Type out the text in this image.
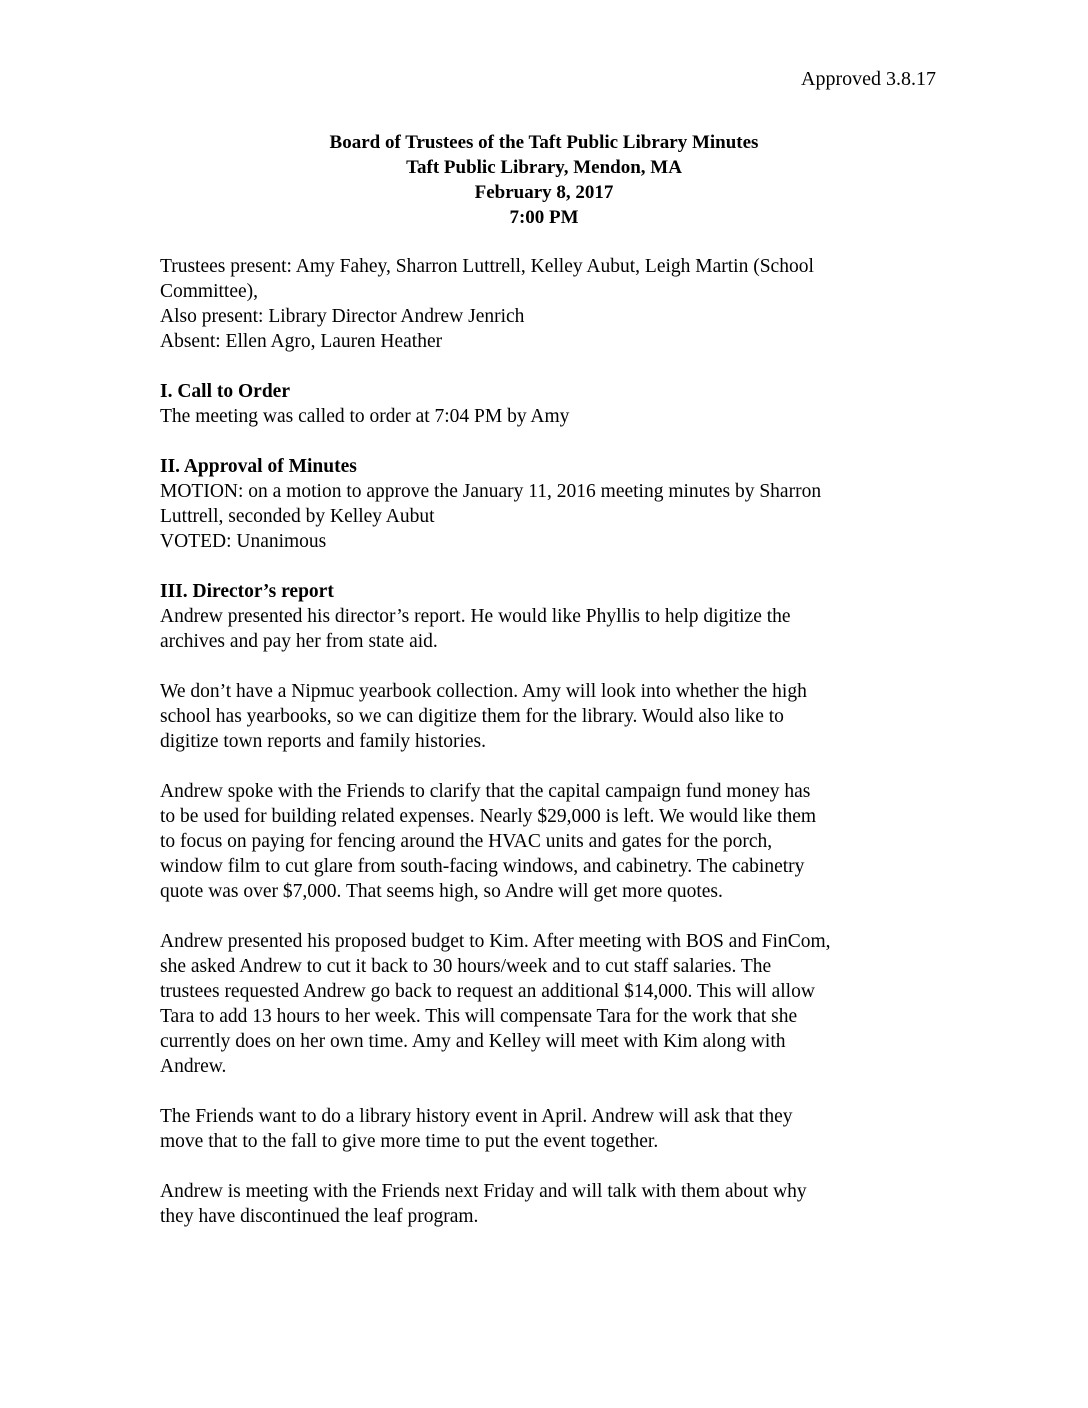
Approved 3.8.17

Board of Trustees of the Taft Public Library Minutes
Taft Public Library, Mendon, MA
February 8, 2017
7:00 PM

Trustees present: Amy Fahey, Sharron Luttrell, Kelley Aubut, Leigh Martin (School

Committee),

Also present: Library Director Andrew Jenrich

Absent: Ellen Agro, Lauren Heather

I. Call to Order

The meeting was called to order at 7:04 PM by Amy

II. Approval of Minutes

MOTION: on a motion to approve the January 11, 2016 meeting minutes by Sharron

Luttrell, seconded by Kelley Aubut

VOTED: Unanimous

III. Director’s report

Andrew presented his director’s report. He would like Phyllis to help digitize the

archives and pay her from state aid.

We don’t have a Nipmuc yearbook collection. Amy will look into whether the high

school has yearbooks, so we can digitize them for the library. Would also like to

digitize town reports and family histories.

Andrew spoke with the Friends to clarify that the capital campaign fund money has

to be used for building related expenses. Nearly $29,000 is left. We would like them

to focus on paying for fencing around the HVAC units and gates for the porch,

window film to cut glare from south-facing windows, and cabinetry. The cabinetry

quote was over $7,000. That seems high, so Andre will get more quotes.

Andrew presented his proposed budget to Kim. After meeting with BOS and FinCom,

she asked Andrew to cut it back to 30 hours/week and to cut staff salaries. The

trustees requested Andrew go back to request an additional $14,000. This will allow

Tara to add 13 hours to her week. This will compensate Tara for the work that she

currently does on her own time. Amy and Kelley will meet with Kim along with

Andrew.

The Friends want to do a library history event in April. Andrew will ask that they

move that to the fall to give more time to put the event together.

Andrew is meeting with the Friends next Friday and will talk with them about why

they have discontinued the leaf program.
